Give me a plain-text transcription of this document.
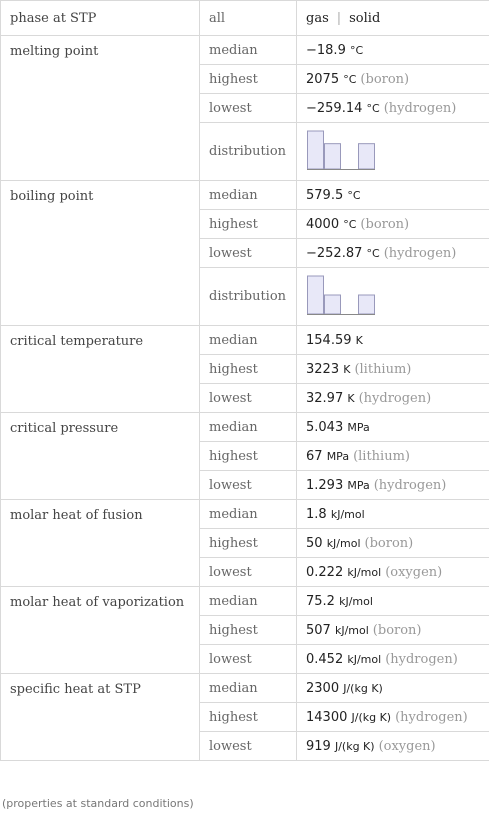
phase at STP	all	gas | solid
melting point	median	−18.9 °C
	highest	2075 °C (boron)
	lowest	−259.14 °C (hydrogen)
	distribution	

boiling point	median	579.5 °C
	highest	4000 °C (boron)
	lowest	−252.87 °C (hydrogen)
	distribution	

critical temperature	median	154.59 K
	highest	3223 K (lithium)
	lowest	32.97 K (hydrogen)
critical pressure	median	5.043 MPa
	highest	67 MPa (lithium)
	lowest	1.293 MPa (hydrogen)
molar heat of fusion	median	1.8 kJ/mol
	highest	50 kJ/mol (boron)
	lowest	0.222 kJ/mol (oxygen)
molar heat of vaporization	median	75.2 kJ/mol
	highest	507 kJ/mol (boron)
	lowest	0.452 kJ/mol (hydrogen)
specific heat at STP	median	2300 J/(kg K)
	highest	14300 J/(kg K) (hydrogen)
	lowest	919 J/(kg K) (oxygen)
(properties at standard conditions)
